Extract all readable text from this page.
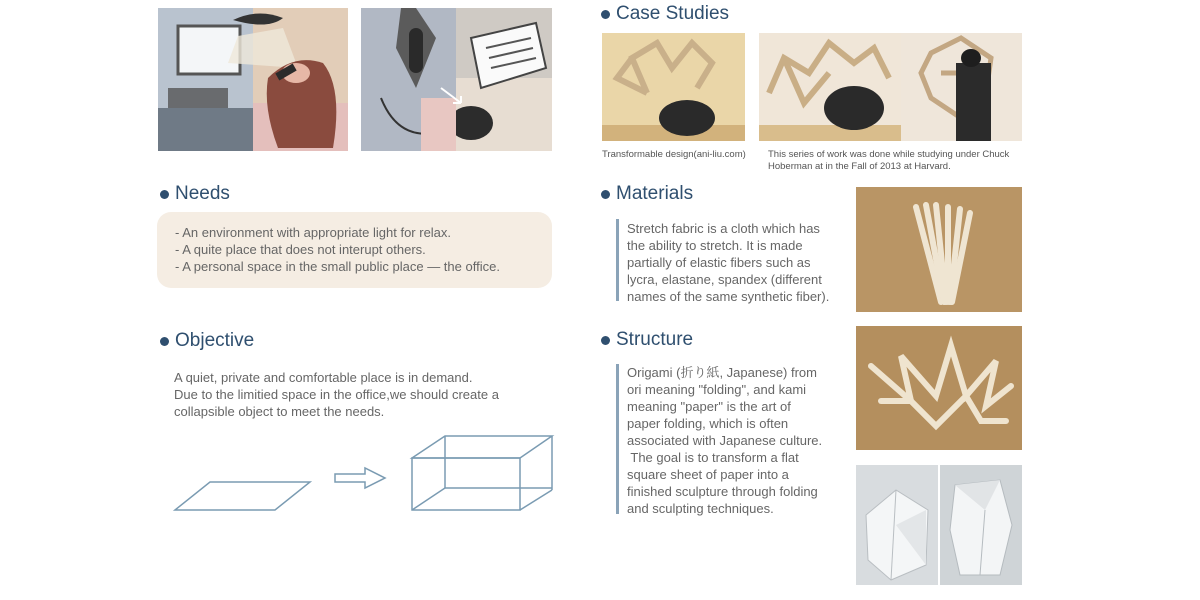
Needs
- An environment with appropriate light for relax.
- A quite place that does not interupt others.
- A personal space in the small public place — the office.
Objective
A quiet, private and comfortable place is in demand.
Due to the limitied space in the office,we should create a
collapsible object to meet the needs.
Case Studies
Transformable design(ani-liu.com) This series of work was done while studying under Chuck
Hoberman at in the Fall of 2013 at Harvard.
Materials
Stretch fabric is a cloth which has
the ability to stretch. It is made
partially of elastic fibers such as
lycra, elastane, spandex (different
names of the same synthetic fiber).
Structure
Origami (折り紙, Japanese) from
ori meaning "folding", and kami
meaning "paper" is the art of
paper folding, which is often
associated with Japanese culture.
The goal is to transform a flat
square sheet of paper into a
finished sculpture through folding
and sculpting techniques.
